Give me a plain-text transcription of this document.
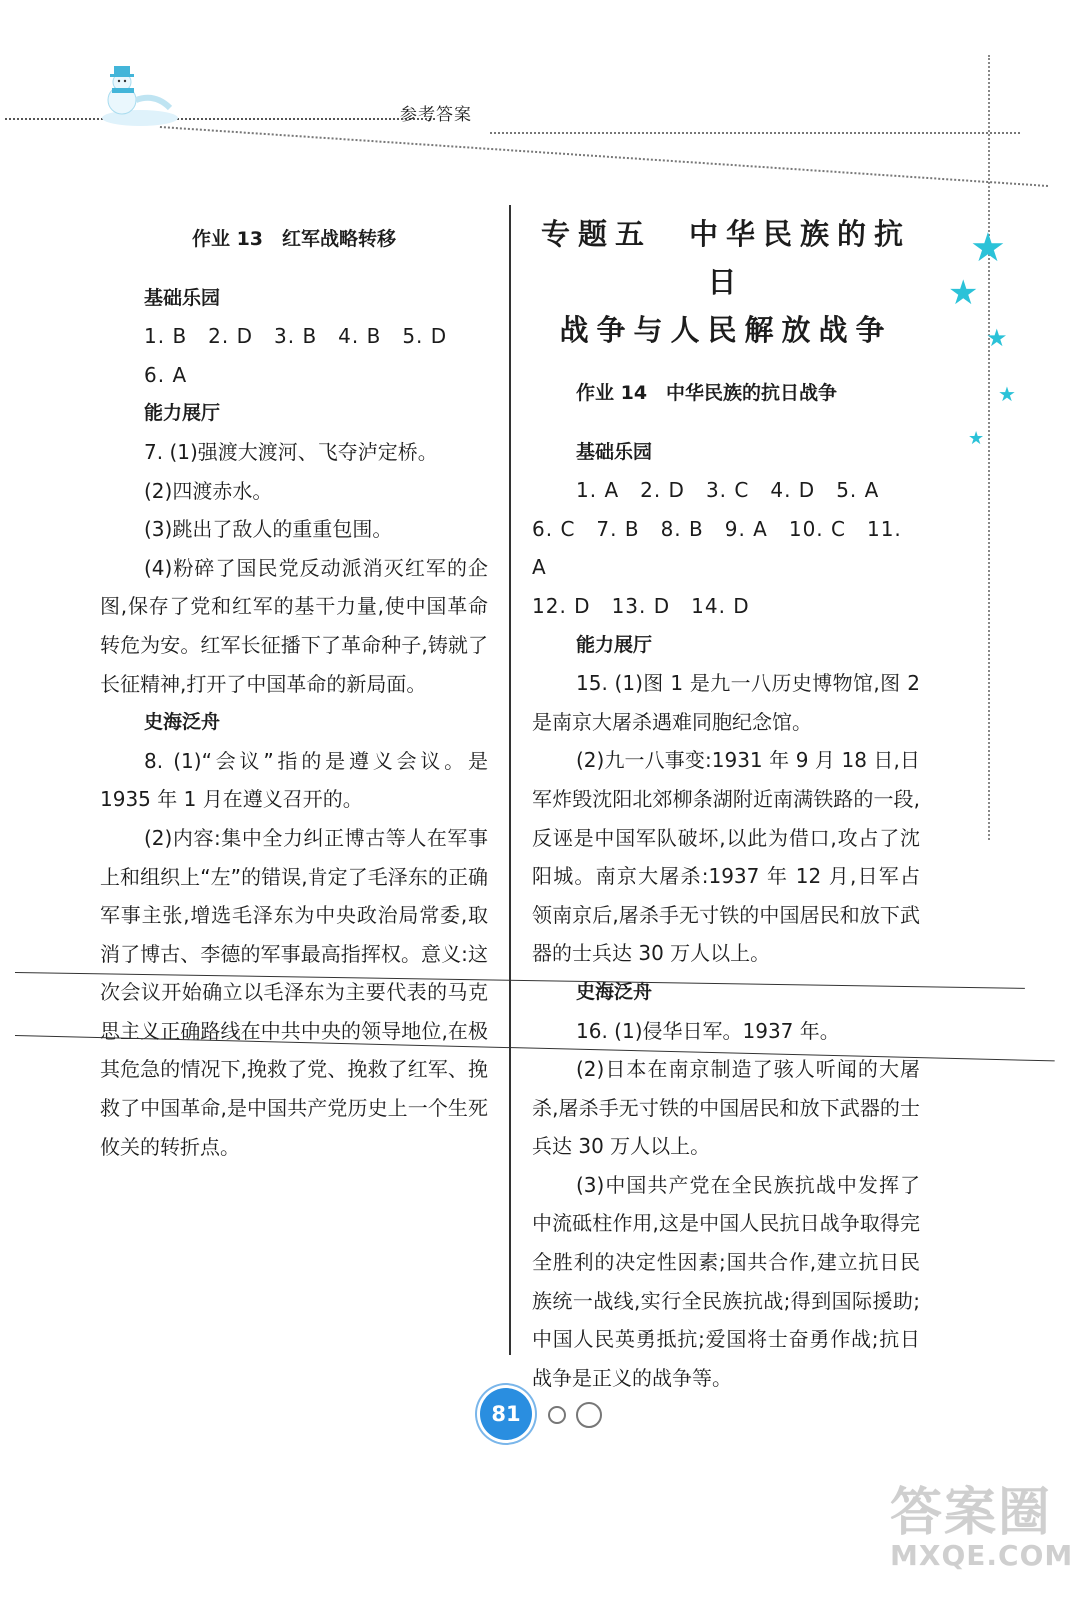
参考答案
★
★
★
★
★

作业 13　红军战略转移

基础乐园

1. B　2. D　3. B　4. B　5. D　6. A

能力展厅

7. (1)强渡大渡河、飞夺泸定桥。

(2)四渡赤水。

(3)跳出了敌人的重重包围。

(4)粉碎了国民党反动派消灭红军的企图,保存了党和红军的基干力量,使中国革命转危为安。红军长征播下了革命种子,铸就了长征精神,打开了中国革命的新局面。

史海泛舟

8. (1)“会议”指的是遵义会议。是1935 年 1 月在遵义召开的。

(2)内容:集中全力纠正博古等人在军事上和组织上“左”的错误,肯定了毛泽东的正确军事主张,增选毛泽东为中央政治局常委,取消了博古、李德的军事最高指挥权。意义:这次会议开始确立以毛泽东为主要代表的马克思主义正确路线在中共中央的领导地位,在极其危急的情况下,挽救了党、挽救了红军、挽救了中国革命,是中国共产党历史上一个生死攸关的转折点。

专题五　中华民族的抗日
战争与人民解放战争

作业 14　中华民族的抗日战争

基础乐园

1. A　2. D　3. C　4. D　5. A

6. C　7. B　8. B　9. A　10. C　11. A

12. D　13. D　14. D

能力展厅

15. (1)图 1 是九一八历史博物馆,图 2 是南京大屠杀遇难同胞纪念馆。

(2)九一八事变:1931 年 9 月 18 日,日军炸毁沈阳北郊柳条湖附近南满铁路的一段,反诬是中国军队破坏,以此为借口,攻占了沈阳城。南京大屠杀:1937 年 12 月,日军占领南京后,屠杀手无寸铁的中国居民和放下武器的士兵达 30 万人以上。

史海泛舟

16. (1)侵华日军。1937 年。

(2)日本在南京制造了骇人听闻的大屠杀,屠杀手无寸铁的中国居民和放下武器的士兵达 30 万人以上。

(3)中国共产党在全民族抗战中发挥了中流砥柱作用,这是中国人民抗日战争取得完全胜利的决定性因素;国共合作,建立抗日民族统一战线,实行全民族抗战;得到国际援助;中国人民英勇抵抗;爱国将士奋勇作战;抗日战争是正义的战争等。

81
答案圈
MXQE.COM
